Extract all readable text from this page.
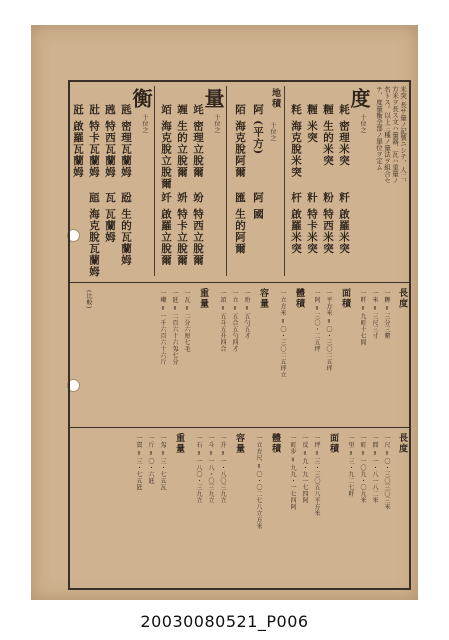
米突 長サ量ノ記號ニシテ、人二、方米ヲ長ス文ハ量器、瓦ハ重量ノ名トス。以上三種ノ量法ヲ組合セテ、度量衡全部ノ單位ヲ定ム
度
十位之
耗 密理米突
粁 啟羅米突
糎 生的米突
粉 特西米突
糎 米突
籵 特卡米突
粍 海克脫米突
杆 啟羅米突
地積
十位之
阿 (平方)
阿 國
陌 海克脫阿爾
匯 生的阿爾
量
十位之
竓 密理立脫爾
竕 特西立脫爾
竰 生的立脫爾
竔 特卡立脫爾
竡 海克脫立脫爾
竏 啟羅立脫爾
衡
十位之
瓱 密理瓦蘭姆
瓰 生的瓦蘭姆
瓲 特西瓦蘭姆
瓦 瓦蘭姆
瓧 特卡瓦蘭姆
瓸 海克脫瓦蘭姆
瓩 啟羅瓦蘭姆
長度
一糎 = 三分三釐
一米 = 三尺三寸
一粁 = 九町十七間
面積
一平方米 = 〇・三〇二五坪
一阿 = 三〇・二五坪
體積
一立方米 = 〇・三〇二五坪立
容量
一竕 = 五勺五才
一立 = 五合五勺四才
一竡 = 五斗五升四合
重量
一瓦 = 二分六厘七毛
一瓩 = 二百六十六匁七分
一噸 = 一千六百六十六斤
(比較)
長度
一尺 = 〇・三〇三〇三米
一間 = 一・八一八二米
一町 = 一〇九・〇九米
一里 = 三・九二七粁
面積
一坪 = 三・三〇五八平方米
一反 = 九・九一七四阿
一町步 = 九九・一七四阿
體積
一立方尺 = 〇・〇二七八立方米
容量
一升 = 一・八〇三九立
一斗 = 一八・〇三九立
一石 = 一八〇・三九立
重量
一匁 = 三・七五瓦
一斤 = 〇・六瓩
一貫 = 三・七五瓩
20030080521_P006
